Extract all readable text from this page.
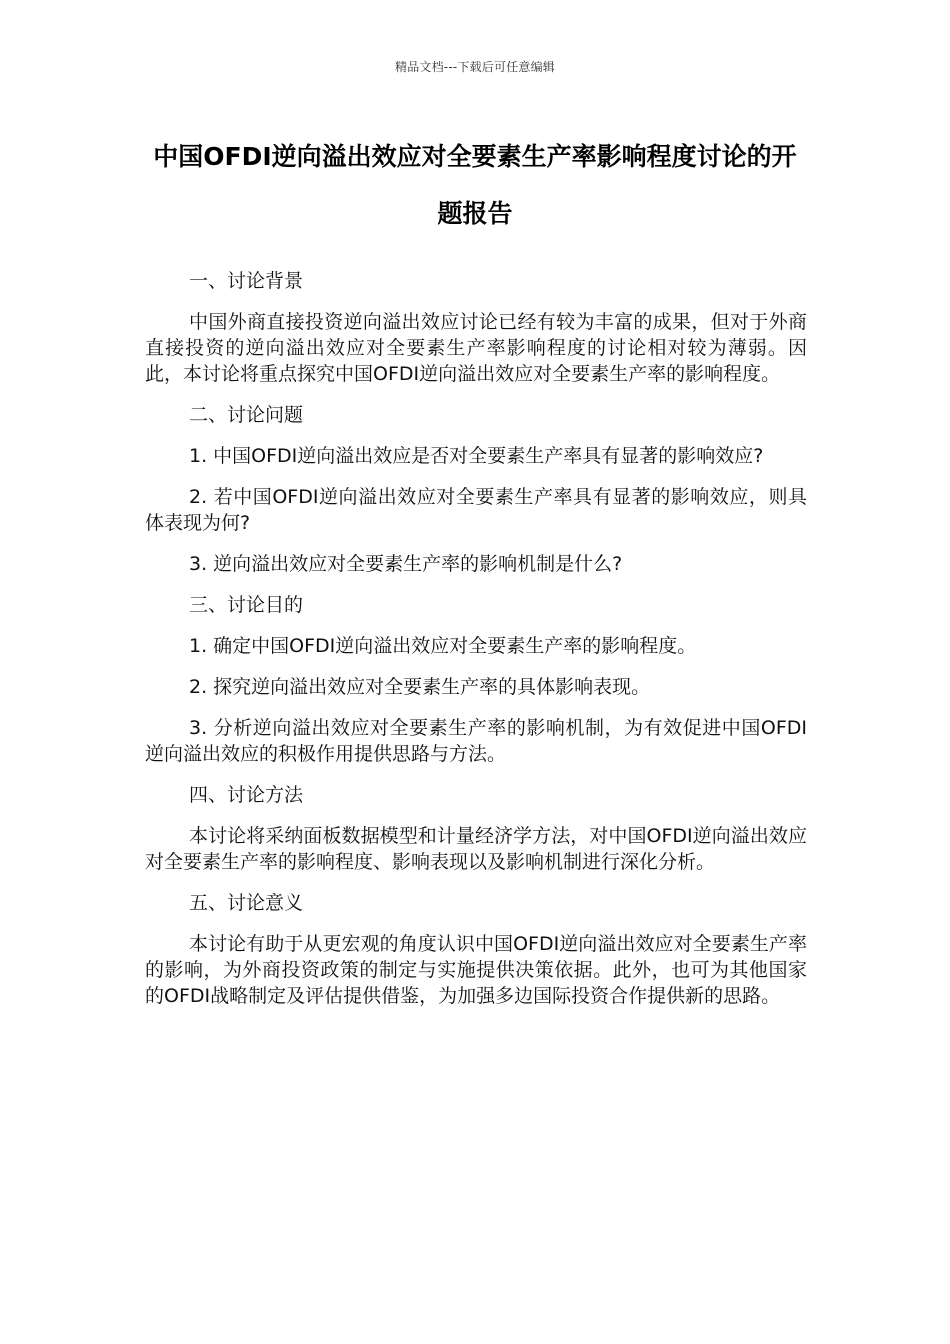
精品文档---下载后可任意编辑
中国OFDI逆向溢出效应对全要素生产率影响程度讨论的开题报告

一、讨论背景

中国外商直接投资逆向溢出效应讨论已经有较为丰富的成果，但对于外商直接投资的逆向溢出效应对全要素生产率影响程度的讨论相对较为薄弱。因此，本讨论将重点探究中国OFDI逆向溢出效应对全要素生产率的影响程度。

二、讨论问题

1. 中国OFDI逆向溢出效应是否对全要素生产率具有显著的影响效应?

2. 若中国OFDI逆向溢出效应对全要素生产率具有显著的影响效应，则具体表现为何?

3. 逆向溢出效应对全要素生产率的影响机制是什么?

三、讨论目的

1. 确定中国OFDI逆向溢出效应对全要素生产率的影响程度。

2. 探究逆向溢出效应对全要素生产率的具体影响表现。

3. 分析逆向溢出效应对全要素生产率的影响机制，为有效促进中国OFDI逆向溢出效应的积极作用提供思路与方法。

四、讨论方法

本讨论将采纳面板数据模型和计量经济学方法，对中国OFDI逆向溢出效应对全要素生产率的影响程度、影响表现以及影响机制进行深化分析。

五、讨论意义

本讨论有助于从更宏观的角度认识中国OFDI逆向溢出效应对全要素生产率的影响，为外商投资政策的制定与实施提供决策依据。此外，也可为其他国家的OFDI战略制定及评估提供借鉴，为加强多边国际投资合作提供新的思路。
